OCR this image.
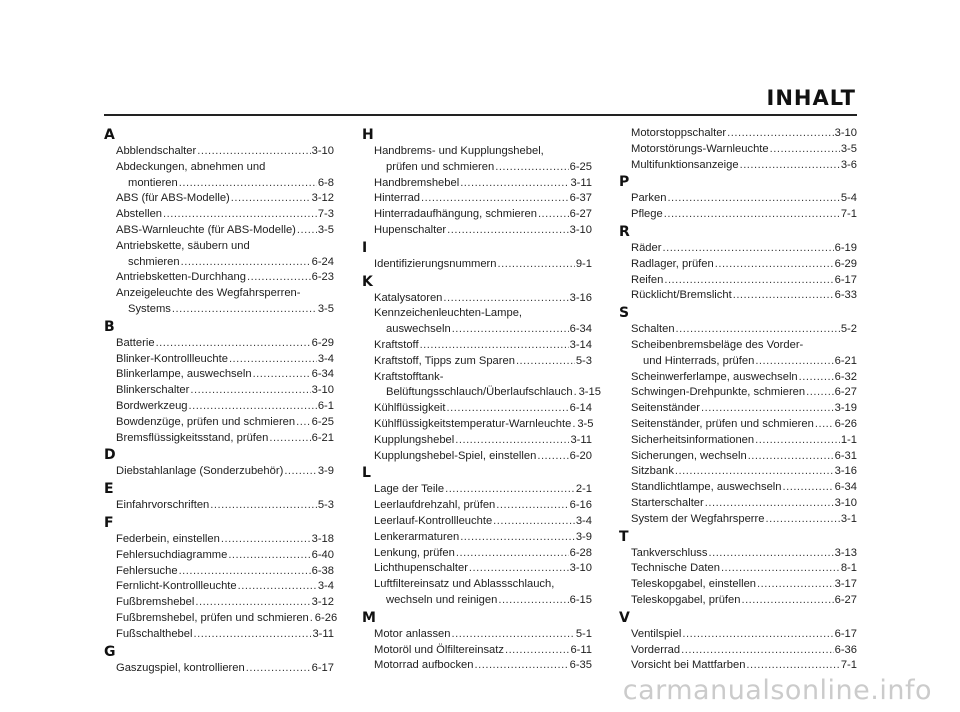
INHALT
A
Abblendschalter .....	3-10
Abdeckungen, abnehmen und
montieren .....	6-8
ABS (für ABS-Modelle) .....	3-12
Abstellen .....	7-3
ABS-Warnleuchte (für ABS-Modelle) ..... 3-5
Antriebskette, säubern und
schmieren .....	6-24
Antriebsketten-Durchhang .....	6-23
Anzeigeleuchte des Wegfahrsperren-
Systems .....	3-5
B
Batterie .....	6-29
Blinker-Kontrollleuchte .....	3-4
Blinkerlampe, auswechseln .....	6-34
Blinkerschalter .....	3-10
Bordwerkzeug .....	6-1
Bowdenzüge, prüfen und schmieren ..... 6-25
Bremsflüssigkeitsstand, prüfen .....	6-21
D
Diebstahlanlage (Sonderzubehör) .....	3-9
E
Einfahrvorschriften .....	5-3
F
Federbein, einstellen .....	3-18
Fehlersuchdiagramme .....	6-40
Fehlersuche .....	6-38
Fernlicht-Kontrollleuchte .....	3-4
Fußbremshebel .....	3-12
Fußbremshebel, prüfen und schmieren ..... 6-26
Fußschalthebel .....	3-11
G
Gaszugspiel, kontrollieren .....	6-17
H
Handbrems- und Kupplungshebel,
prüfen und schmieren .....	6-25
Handbremshebel .....	3-11
Hinterrad .....	6-37
Hinterradaufhängung, schmieren .....	6-27
Hupenschalter .....	3-10
I
Identifizierungsnummern .....	9-1
K
Katalysatoren .....	3-16
Kennzeichenleuchten-Lampe,
auswechseln .....	6-34
Kraftstoff .....	3-14
Kraftstoff, Tipps zum Sparen .....	5-3
Kraftstofftank-
Belüftungsschlauch/Überlaufschlauch ..... 3-15
Kühlflüssigkeit .....	6-14
Kühlflüssigkeitstemperatur-Warnleuchte ..... 3-5
Kupplungshebel .....	3-11
Kupplungshebel-Spiel, einstellen .....	6-20
L
Lage der Teile .....	2-1
Leerlaufdrehzahl, prüfen .....	6-16
Leerlauf-Kontrollleuchte .....	3-4
Lenkerarmaturen .....	3-9
Lenkung, prüfen .....	6-28
Lichthupenschalter .....	3-10
Luftfiltereinsatz und Ablassschlauch,
wechseln und reinigen .....	6-15
M
Motor anlassen .....	5-1
Motoröl und Ölfiltereinsatz .....	6-11
Motorrad aufbocken .....	6-35
Motorstoppschalter .....	3-10
Motorstörungs-Warnleuchte .....	3-5
Multifunktionsanzeige .....	3-6
P
Parken .....	5-4
Pflege .....	7-1
R
Räder .....	6-19
Radlager, prüfen .....	6-29
Reifen .....	6-17
Rücklicht/Bremslicht .....	6-33
S
Schalten .....	5-2
Scheibenbremsbeläge des Vorder-
und Hinterrads, prüfen .....	6-21
Scheinwerferlampe, auswechseln .....	6-32
Schwingen-Drehpunkte, schmieren .....	6-27
Seitenständer .....	3-19
Seitenständer, prüfen und schmieren ..... 6-26
Sicherheitsinformationen .....	1-1
Sicherungen, wechseln .....	6-31
Sitzbank .....	3-16
Standlichtlampe, auswechseln .....	6-34
Starterschalter .....	3-10
System der Wegfahrsperre .....	3-1
T
Tankverschluss .....	3-13
Technische Daten .....	8-1
Teleskopgabel, einstellen .....	3-17
Teleskopgabel, prüfen .....	6-27
V
Ventilspiel .....	6-17
Vorderrad .....	6-36
Vorsicht bei Mattfarben .....	7-1
carmanualsonline.info
